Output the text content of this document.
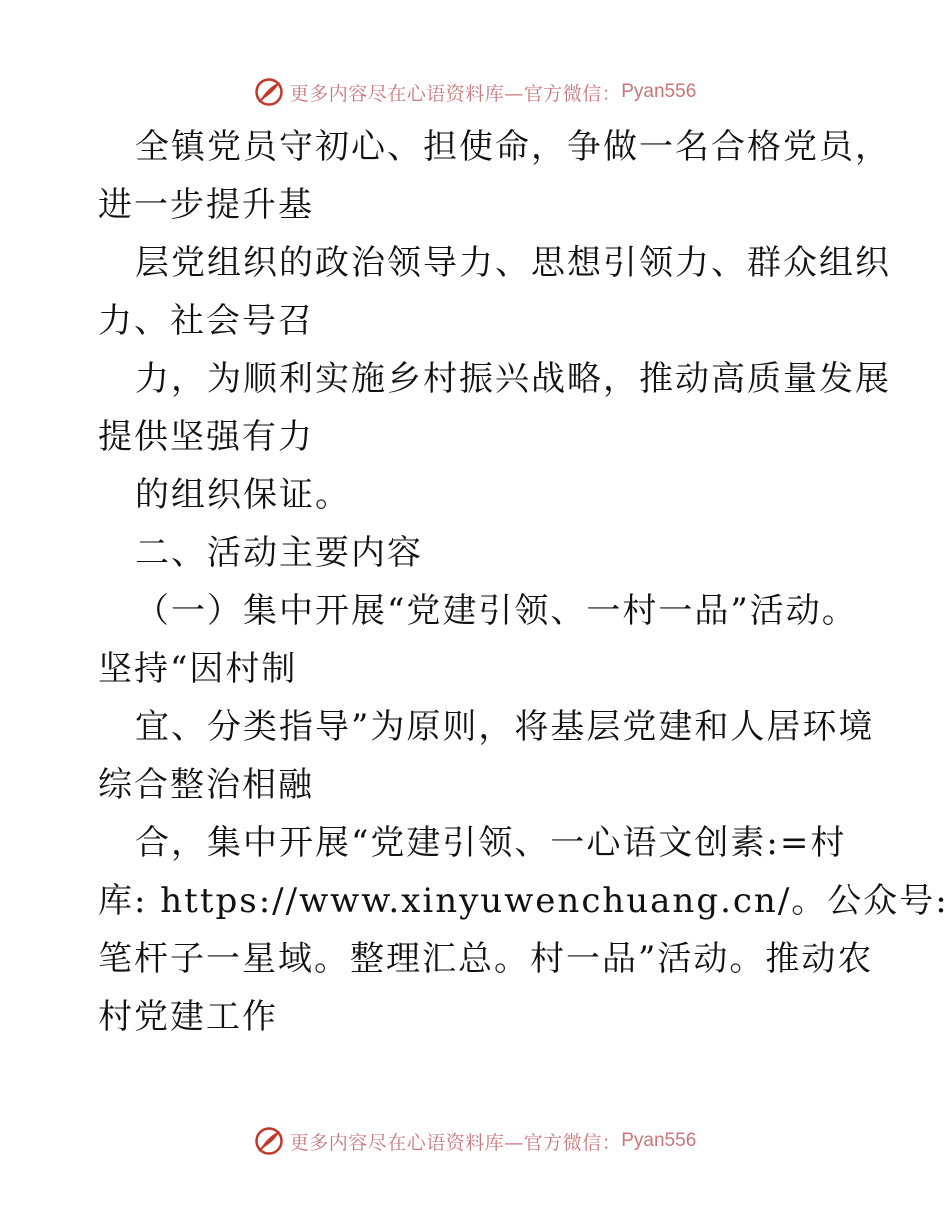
更多内容尽在心语资料库—官方微信： Pyan556
全镇党员守初心、担使命，争做一名合格党员，
进一步提升基
层党组织的政治领导力、思想引领力、群众组织
力、社会号召
力，为顺利实施乡村振兴战略，推动高质量发展
提供坚强有力
的组织保证。
二、活动主要内容
（一）集中开展“党建引领、一村一品”活动。
坚持“因村制
宜、分类指导”为原则，将基层党建和人居环境
综合整治相融
合，集中开展“党建引领、一心语文创素:=村
库: https://www.xinyuwenchuang.cn/。公众号:
笔杆子一星域。整理汇总。村一品”活动。推动农
村党建工作
更多内容尽在心语资料库—官方微信： Pyan556
